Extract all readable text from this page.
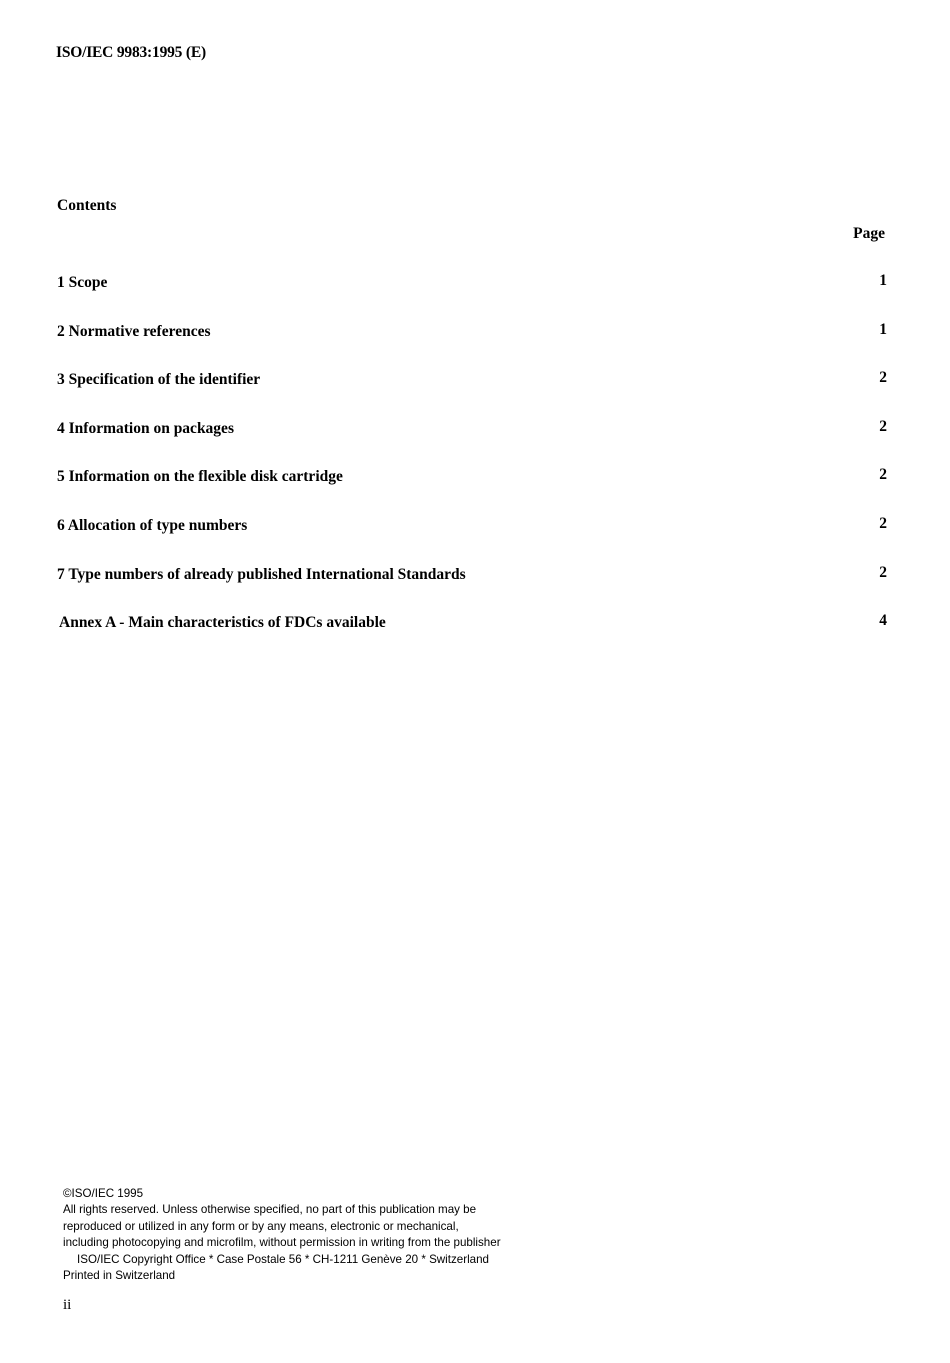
ISO/IEC 9983:1995 (E)
Contents
Page
1 Scope	1
2 Normative references	1
3 Specification of the identifier	2
4 Information on packages	2
5 Information on the flexible disk cartridge	2
6 Allocation of type numbers	2
7 Type numbers of already published International Standards	2
Annex A - Main characteristics of FDCs available	4
©ISO/IEC 1995
All rights reserved. Unless otherwise specified, no part of this publication may be
reproduced or utilized in any form or by any means, electronic or mechanical,
including photocopying and microfilm, without permission in writing from the publisher
ISO/IEC Copyright Office * Case Postale 56 * CH-1211 Genève 20 * Switzerland
Printed in Switzerland
ii
